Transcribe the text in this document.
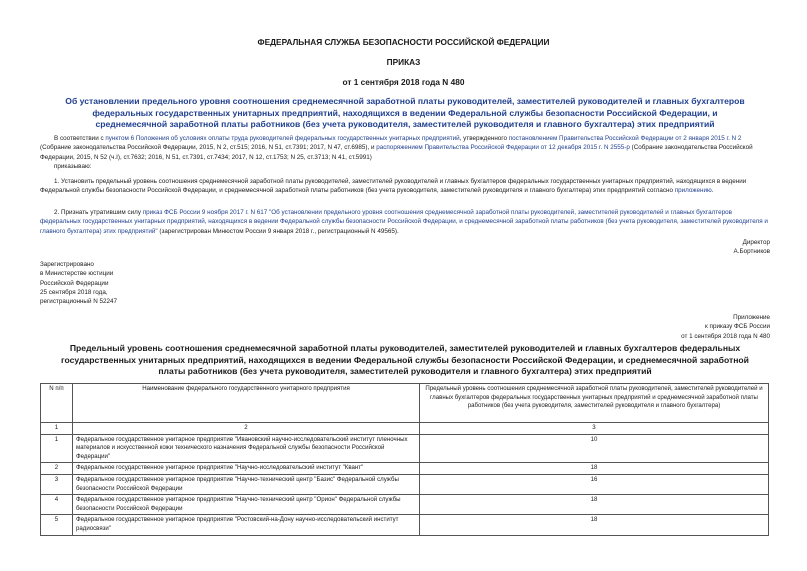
ФЕДЕРАЛЬНАЯ СЛУЖБА БЕЗОПАСНОСТИ РОССИЙСКОЙ ФЕДЕРАЦИИ
ПРИКАЗ
от 1 сентября 2018 года N 480
Об установлении предельного уровня соотношения среднемесячной заработной платы руководителей, заместителей руководителей и главных бухгалтеров федеральных государственных унитарных предприятий, находящихся в ведении Федеральной службы безопасности Российской Федерации, и среднемесячной заработной платы работников (без учета руководителя, заместителей руководителя и главного бухгалтера) этих предприятий
В соответствии с пунктом 6 Положения об условиях оплаты труда руководителей федеральных государственных унитарных предприятий, утвержденного постановлением Правительства Российской Федерации от 2 января 2015 г. N 2 (Собрание законодательства Российской Федерации, 2015, N 2, ст.515; 2016, N 51, ст.7391; 2017, N 47, ст.6985), и распоряжением Правительства Российской Федерации от 12 декабря 2015 г. N 2555-р (Собрание законодательства Российской Федерации, 2015, N 52 (ч.I), ст.7632; 2016, N 51, ст.7391, ст.7434; 2017, N 12, ст.1753; N 25, ст.3713; N 41, ст.5991)
приказываю:
1. Установить предельный уровень соотношения среднемесячной заработной платы руководителей, заместителей руководителей и главных бухгалтеров федеральных государственных унитарных предприятий, находящихся в ведении Федеральной службы безопасности Российской Федерации, и среднемесячной заработной платы работников (без учета руководителя, заместителей руководителя и главного бухгалтера) этих предприятий согласно приложению.
2. Признать утратившим силу приказ ФСБ России 9 ноября 2017 г. N 617 "Об установлении предельного уровня соотношения среднемесячной заработной платы руководителей, заместителей руководителей и главных бухгалтеров федеральных государственных унитарных предприятий, находящихся в ведении Федеральной службы безопасности Российской Федерации, и среднемесячной заработной платы работников (без учета руководителя, заместителей руководителя и главного бухгалтера) этих предприятий" (зарегистрирован Минюстом России 9 января 2018 г., регистрационный N 49565).
Директор
А.Бортников
Зарегистрировано
в Министерстве юстиции
Российской Федерации
25 сентября 2018 года,
регистрационный N 52247
Приложение
к приказу ФСБ России
от 1 сентября 2018 года N 480
Предельный уровень соотношения среднемесячной заработной платы руководителей, заместителей руководителей и главных бухгалтеров федеральных государственных унитарных предприятий, находящихся в ведении Федеральной службы безопасности Российской Федерации, и среднемесячной заработной платы работников (без учета руководителя, заместителей руководителя и главного бухгалтера) этих предприятий
N п/п	Наименование федерального государственного унитарного предприятия	Предельный уровень соотношения среднемесячной заработной платы руководителей, заместителей руководителей и главных бухгалтеров федеральных государственных унитарных предприятий и среднемесячной заработной платы работников (без учета руководителя, заместителей руководителя и главного бухгалтера)
1	2	3
1	Федеральное государственное унитарное предприятие "Ивановский научно-исследовательский институт пленочных материалов и искусственной кожи технического назначения Федеральной службы безопасности Российской Федерации"	10
2	Федеральное государственное унитарное предприятие "Научно-исследовательский институт "Квант"	18
3	Федеральное государственное унитарное предприятие "Научно-технический центр "Базис" Федеральной службы безопасности Российской Федерации	16
4	Федеральное государственное унитарное предприятие "Научно-технический центр "Орион" Федеральной службы безопасности Российской Федерации	18
5	Федеральное государственное унитарное предприятие "Ростовский-на-Дону научно-исследовательский институт радиосвязи"	18
